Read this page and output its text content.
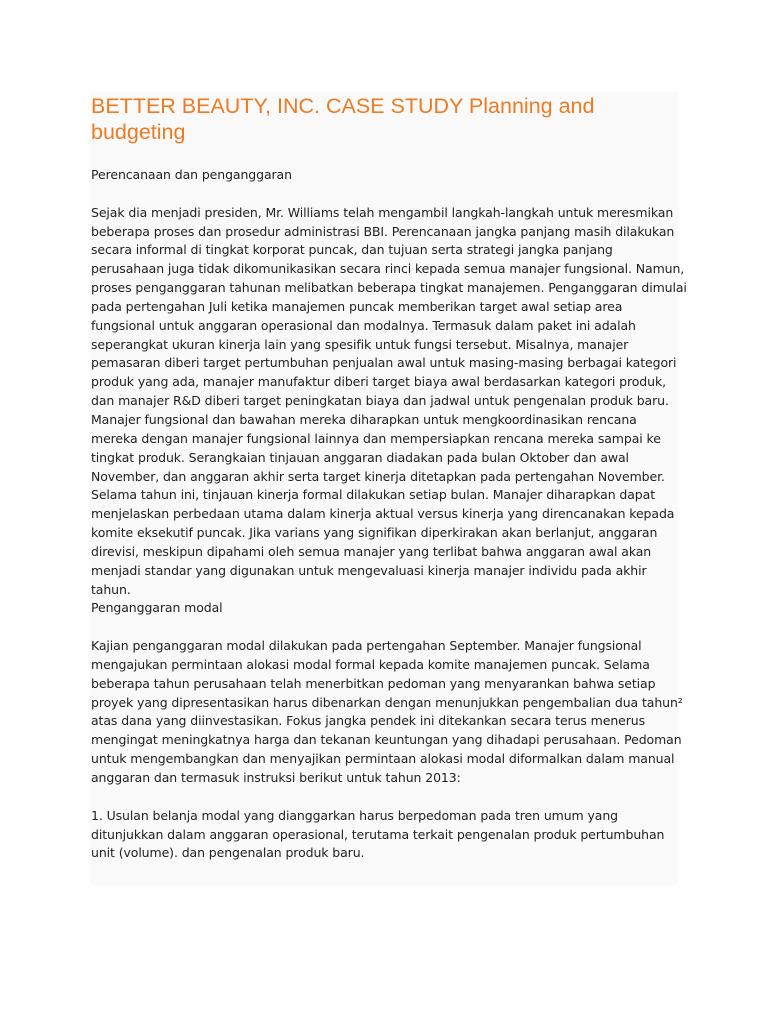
BETTER BEAUTY, INC. CASE STUDY Planning and budgeting
Perencanaan dan penganggaran
Sejak dia menjadi presiden, Mr. Williams telah mengambil langkah-langkah untuk meresmikan
beberapa proses dan prosedur administrasi BBI. Perencanaan jangka panjang masih dilakukan
secara informal di tingkat korporat puncak, dan tujuan serta strategi jangka panjang
perusahaan juga tidak dikomunikasikan secara rinci kepada semua manajer fungsional. Namun,
proses penganggaran tahunan melibatkan beberapa tingkat manajemen. Penganggaran dimulai
pada pertengahan Juli ketika manajemen puncak memberikan target awal setiap area
fungsional untuk anggaran operasional dan modalnya. Termasuk dalam paket ini adalah
seperangkat ukuran kinerja lain yang spesifik untuk fungsi tersebut. Misalnya, manajer
pemasaran diberi target pertumbuhan penjualan awal untuk masing-masing berbagai kategori
produk yang ada, manajer manufaktur diberi target biaya awal berdasarkan kategori produk,
dan manajer R&D diberi target peningkatan biaya dan jadwal untuk pengenalan produk baru.
Manajer fungsional dan bawahan mereka diharapkan untuk mengkoordinasikan rencana
mereka dengan manajer fungsional lainnya dan mempersiapkan rencana mereka sampai ke
tingkat produk. Serangkaian tinjauan anggaran diadakan pada bulan Oktober dan awal
November, dan anggaran akhir serta target kinerja ditetapkan pada pertengahan November.
Selama tahun ini, tinjauan kinerja formal dilakukan setiap bulan. Manajer diharapkan dapat
menjelaskan perbedaan utama dalam kinerja aktual versus kinerja yang direncanakan kepada
komite eksekutif puncak. Jika varians yang signifikan diperkirakan akan berlanjut, anggaran
direvisi, meskipun dipahami oleh semua manajer yang terlibat bahwa anggaran awal akan
menjadi standar yang digunakan untuk mengevaluasi kinerja manajer individu pada akhir
tahun.
Penganggaran modal
Kajian penganggaran modal dilakukan pada pertengahan September. Manajer fungsional
mengajukan permintaan alokasi modal formal kepada komite manajemen puncak. Selama
beberapa tahun perusahaan telah menerbitkan pedoman yang menyarankan bahwa setiap
proyek yang dipresentasikan harus dibenarkan dengan menunjukkan pengembalian dua tahun²
atas dana yang diinvestasikan. Fokus jangka pendek ini ditekankan secara terus menerus
mengingat meningkatnya harga dan tekanan keuntungan yang dihadapi perusahaan. Pedoman
untuk mengembangkan dan menyajikan permintaan alokasi modal diformalkan dalam manual
anggaran dan termasuk instruksi berikut untuk tahun 2013:
1. Usulan belanja modal yang dianggarkan harus berpedoman pada tren umum yang
ditunjukkan dalam anggaran operasional, terutama terkait pengenalan produk pertumbuhan
unit (volume). dan pengenalan produk baru.
